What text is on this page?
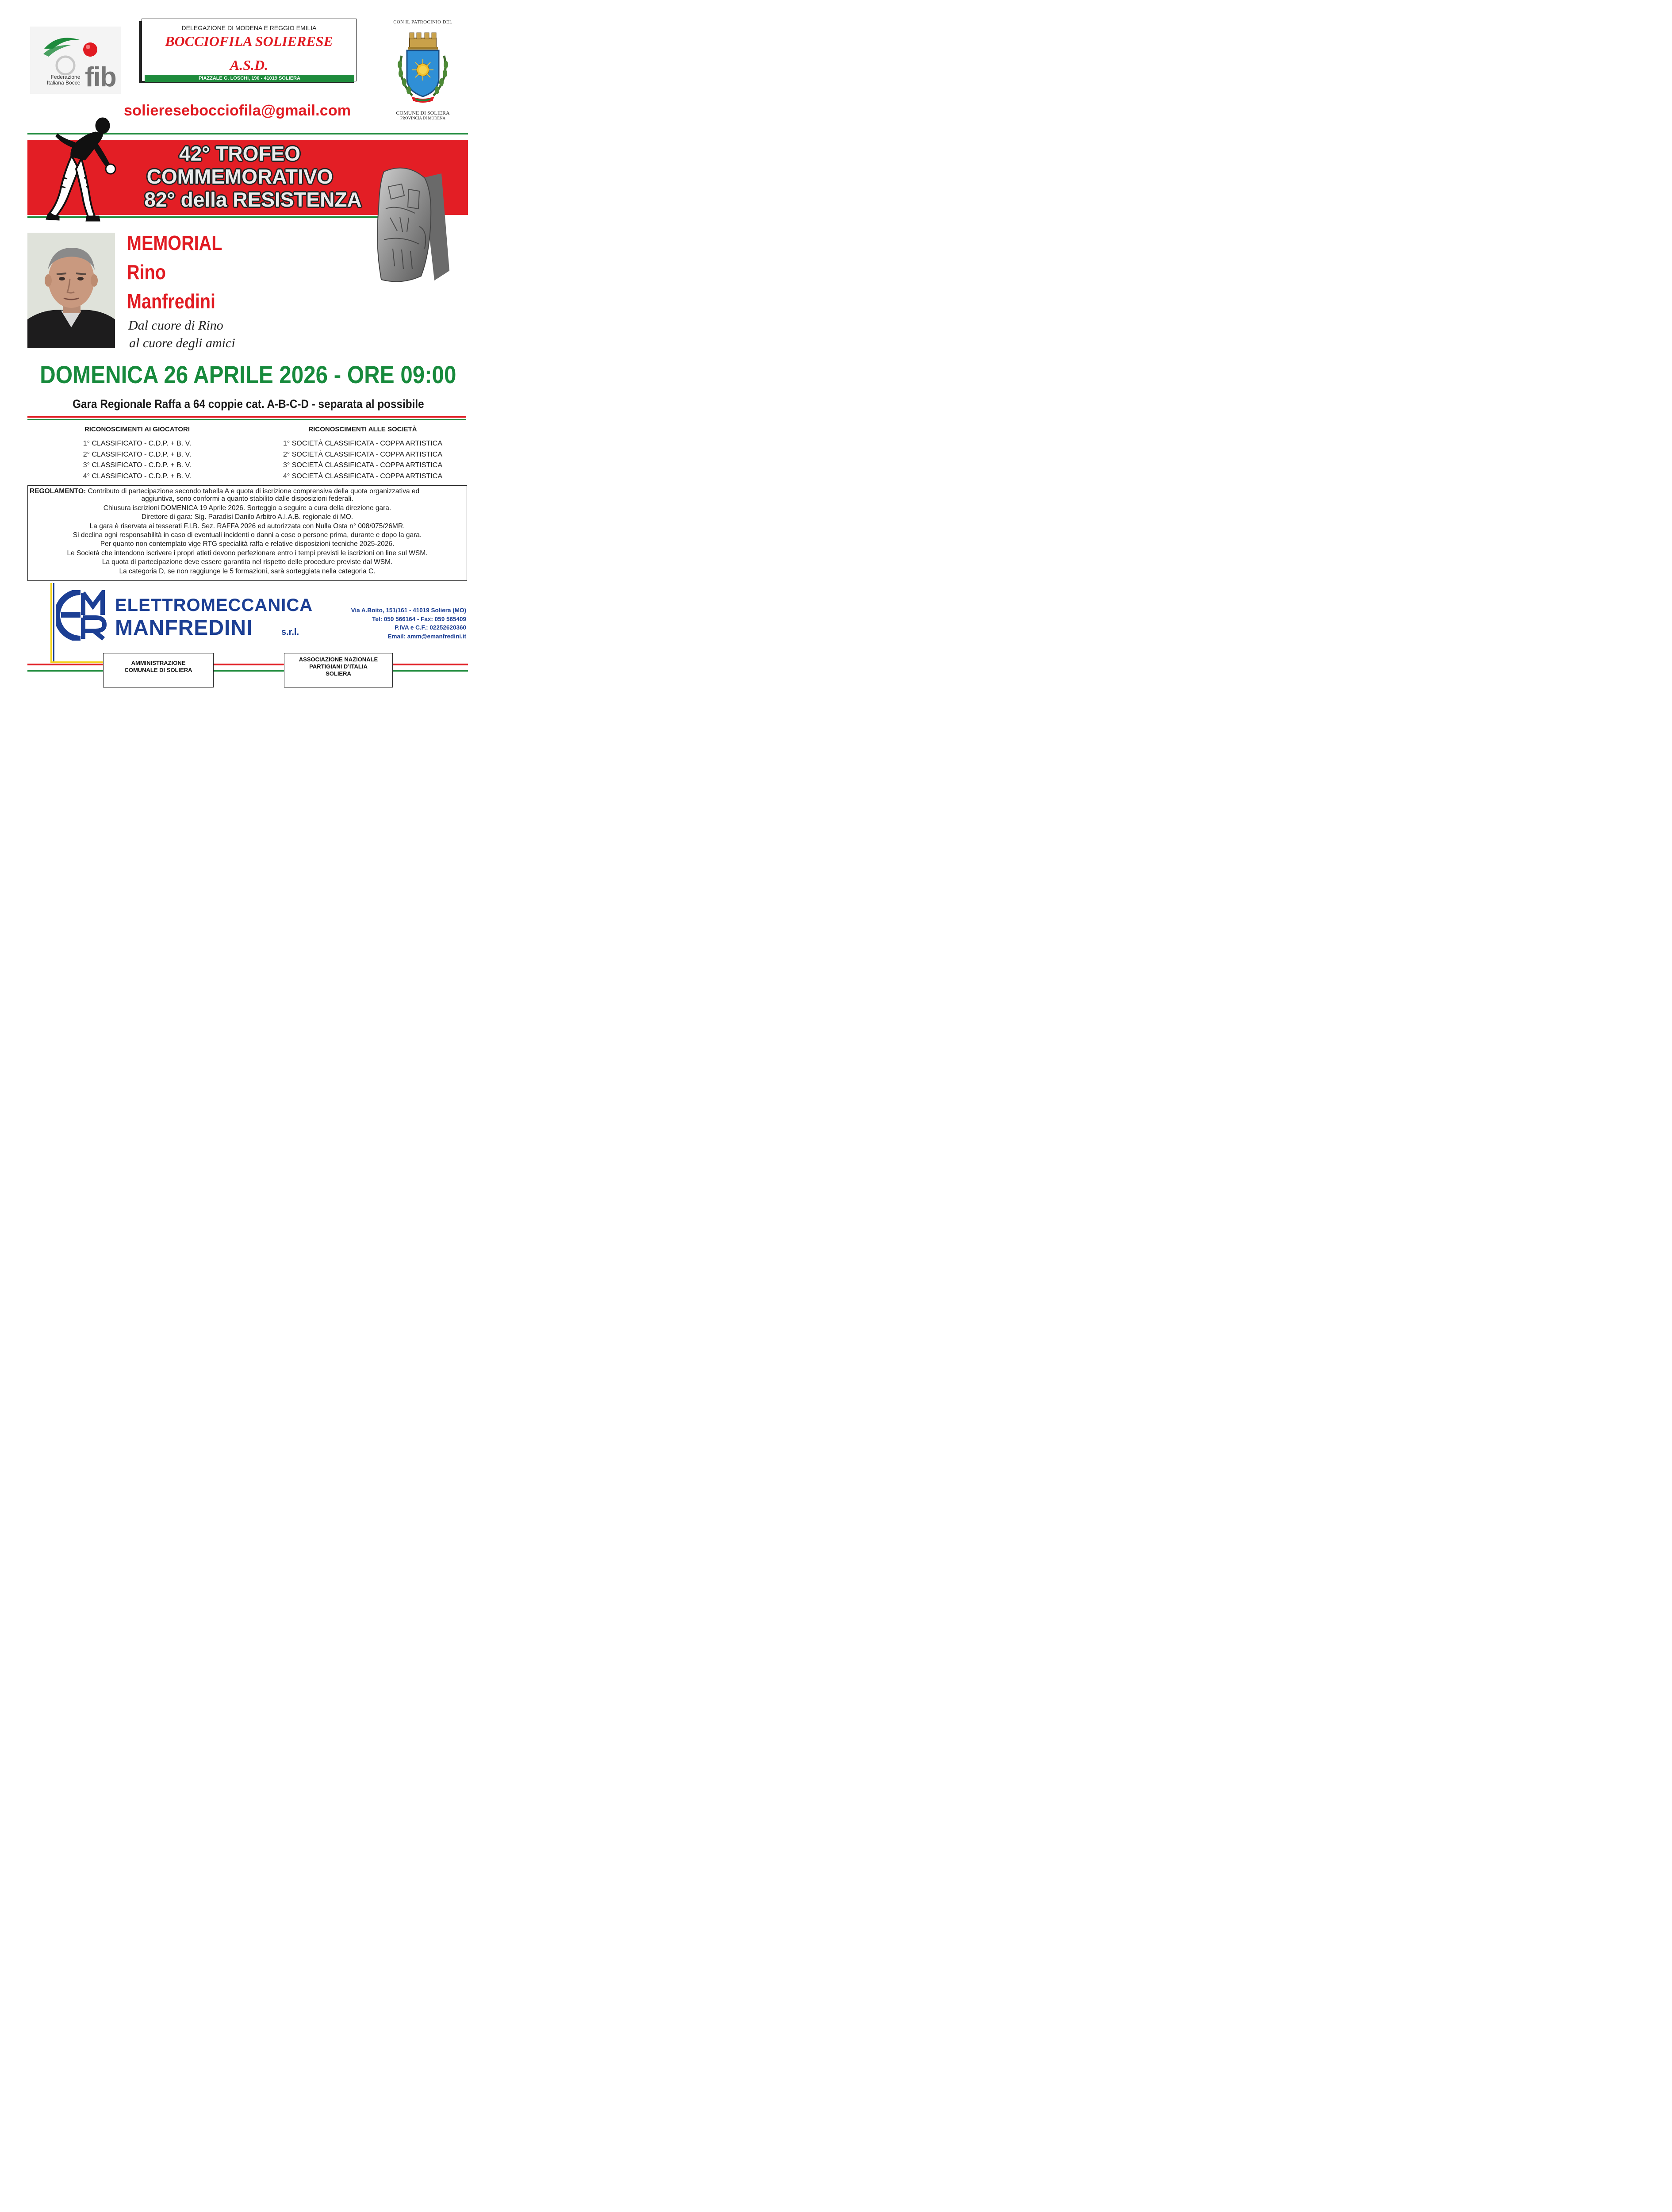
Federazione
Italiana Bocce fib
DELEGAZIONE DI MODENA E REGGIO EMILIA
BOCCIOFILA SOLIERESE
A.S.D.
PIAZZALE G. LOSCHI, 190 - 41019 SOLIERA
CON IL PATROCINIO DEL
COMUNE DI SOLIERA
PROVINCIA DI MODENA
solieresebocciofila@gmail.com
42° TROFEO
COMMEMORATIVO
82° della RESISTENZA
MEMORIAL
Rino
Manfredini
Dal cuore di Rino
al cuore degli amici
DOMENICA 26 APRILE 2026 - ORE 09:00
Gara Regionale Raffa a 64 coppie cat. A-B-C-D - separata al possibile
RICONOSCIMENTI AI GIOCATORI
1° CLASSIFICATO - C.D.P. + B. V.
2° CLASSIFICATO - C.D.P. + B. V.
3° CLASSIFICATO - C.D.P. + B. V.
4° CLASSIFICATO - C.D.P. + B. V.
RICONOSCIMENTI ALLE SOCIETÀ
1° SOCIETÀ CLASSIFICATA - COPPA ARTISTICA
2° SOCIETÀ CLASSIFICATA - COPPA ARTISTICA
3° SOCIETÀ CLASSIFICATA - COPPA ARTISTICA
4° SOCIETÀ CLASSIFICATA - COPPA ARTISTICA
REGOLAMENTO: Contributo di partecipazione secondo tabella A e quota di iscrizione comprensiva della quota organizzativa ed
aggiuntiva, sono conformi a quanto stabilito dalle disposizioni federali.
Chiusura iscrizioni DOMENICA 19 Aprile 2026. Sorteggio a seguire a cura della direzione gara.
Direttore di gara: Sig. Paradisi Danilo Arbitro A.I.A.B. regionale di MO.
La gara è riservata ai tesserati F.I.B. Sez. RAFFA 2026 ed autorizzata con Nulla Osta n° 008/075/26MR.
Si declina ogni responsabilità in caso di eventuali incidenti o danni a cose o persone prima, durante e dopo la gara.
Per quanto non contemplato vige RTG specialità raffa e relative disposizioni tecniche 2025-2026.
Le Società che intendono iscrivere i propri atleti devono perfezionare entro i tempi previsti le iscrizioni on line sul WSM.
La quota di partecipazione deve essere garantita nel rispetto delle procedure previste dal WSM.
La categoria D, se non raggiunge le 5 formazioni, sarà sorteggiata nella categoria C.
ELETTROMECCANICA
MANFREDINI	s.r.l.
Via A.Boito, 151/161 - 41019 Soliera (MO)
Tel: 059 566164 - Fax: 059 565409
P.IVA e C.F.: 02252620360
Email: amm@emanfredini.it
AMMINISTRAZIONE
COMUNALE DI SOLIERA
ASSOCIAZIONE NAZIONALE
PARTIGIANI D’ITALIA
SOLIERA
